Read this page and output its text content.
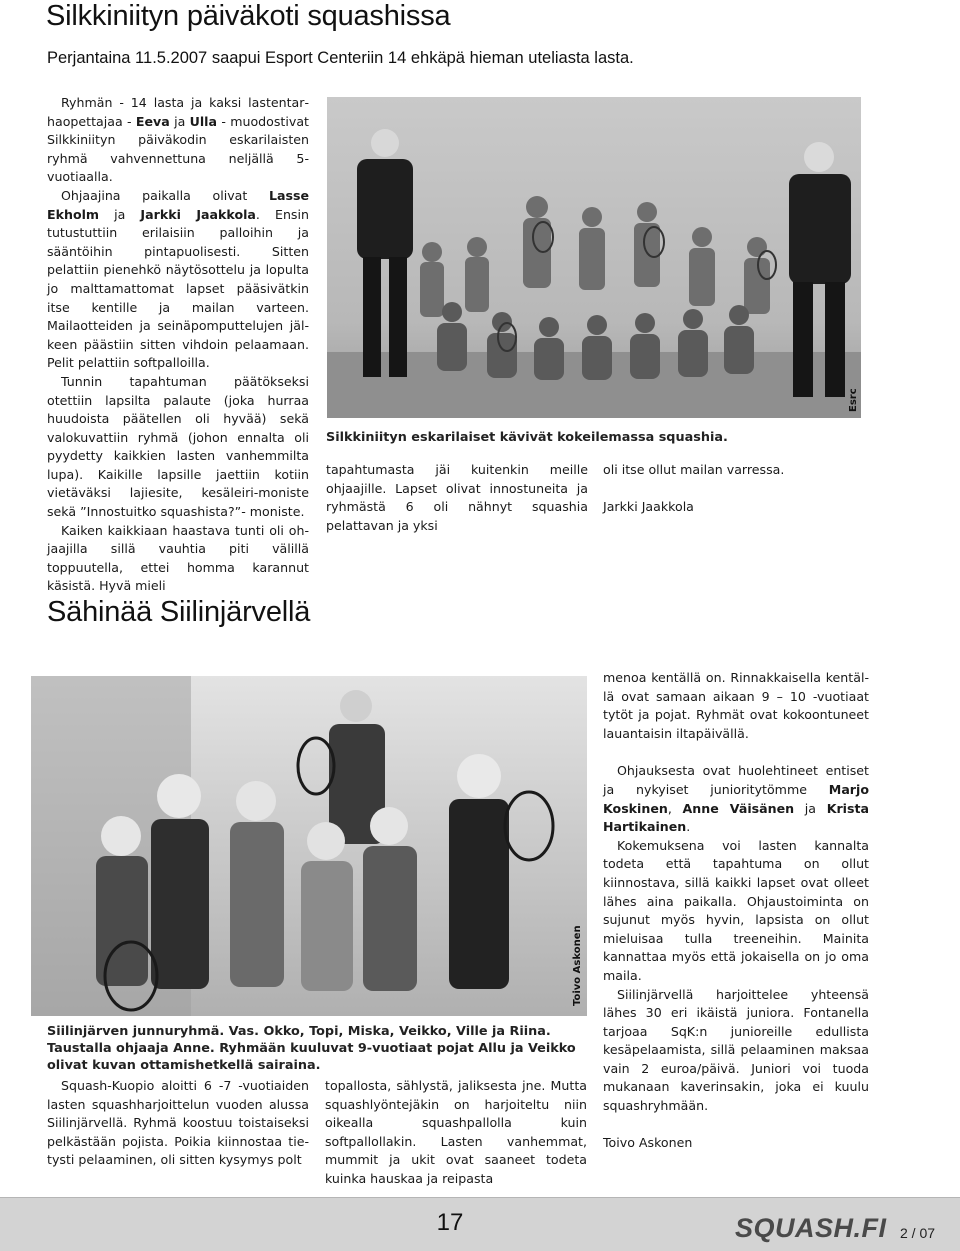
Silkkiniityn päiväkoti squashissa
Perjantaina 11.5.2007 saapui Esport Centeriin 14 ehkäpä hieman uteliasta lasta.

Ryhmän - 14 lasta ja kaksi lastentarhaopettajaa - Eeva ja Ulla - muodostivat Silkkiniityn päiväkodin eskarilaisten ryhmä vahvennettuna neljällä 5-vuotiaalla.

Ohjaajina paikalla olivat Lasse Ekholm ja Jarkki Jaakkola. Ensin tutustuttiin erilaisiin palloihin ja sääntöihin pintapuolisesti. Sitten pelattiin pienehkö näytösottelu ja lopulta jo malttamattomat lapset pääsivätkin itse kentille ja mailan varteen. Mailaotteiden ja seinäpomputtelujen jälkeen päästiin sitten vihdoin pelaamaan. Pelit pelattiin softpalloilla.

Tunnin tapahtuman päätökseksi otettiin lapsilta palaute (joka hurraa huudoista päätellen oli hyvää) sekä valokuvattiin ryhmä (johon ennalta oli pyydetty kaikkien lasten vanhemmilta lupa). Kaikille lapsille jaettiin kotiin vietäväksi lajiesite, kesäleiri-moniste sekä ”Innostuitko squashista?”- moniste.

Kaiken kaikkiaan haastava tunti oli ohjaajilla sillä vauhtia piti välillä toppuutella, ettei homma karannut käsistä. Hyvä mieli

Esrc
Silkkiniityn eskarilaiset kävivät kokeilemassa squashia.

tapahtumasta jäi kuitenkin meille ohjaajille. Lapset olivat innostuneita ja ryhmästä 6 oli nähnyt squashia pelattavan ja yksi

oli itse ollut mailan varressa.

Jarkki Jaakkola

Sähinää Siilinjärvellä
Toivo Askonen
Siilinjärven junnuryhmä. Vas. Okko, Topi, Miska, Veikko, Ville ja Riina. Taustalla ohjaaja Anne. Ryhmään kuuluvat 9-vuotiaat pojat Allu ja Veikko olivat kuvan ottamishetkellä sairaina.

Squash-Kuopio aloitti 6 -7 -vuotiaiden lasten squashharjoittelun vuoden alussa Siilinjärvellä. Ryhmä koostuu toistaiseksi pelkästään pojista. Poikia kiinnostaa tietysti pelaaminen, oli sitten kysymys polt

topallosta, sählystä, jaliksesta jne. Mutta squashlyöntejäkin on harjoiteltu niin oikealla squashpallolla kuin softpallollakin. Lasten vanhemmat, mummit ja ukit ovat saaneet todeta kuinka hauskaa ja reipasta

menoa kentällä on. Rinnakkaisella kentällä ovat samaan aikaan 9 – 10 -vuotiaat tytöt ja pojat. Ryhmät ovat kokoontuneet lauantaisin iltapäivällä.

Ohjauksesta ovat huolehtineet entiset ja nykyiset junioritytömme Marjo Koskinen, Anne Väisänen ja Krista Hartikainen.

Kokemuksena voi lasten kannalta todeta että tapahtuma on ollut kiinnostava, sillä kaikki lapset ovat olleet lähes aina paikalla. Ohjaustoiminta on sujunut myös hyvin, lapsista on ollut mieluisaa tulla treeneihin. Mainita kannattaa myös että jokaisella on jo oma maila.

Siilinjärvellä harjoittelee yhteensä lähes 30 eri ikäistä juniora. Fontanella tarjoaa SqK:n junioreille edullista kesäpelaamista, sillä pelaaminen maksaa vain 2 euroa/päivä. Juniori voi tuoda mukanaan kaverinsakin, joka ei kuulu squashryhmään.

Toivo Askonen

17	SQUASH.FI 2 / 07
